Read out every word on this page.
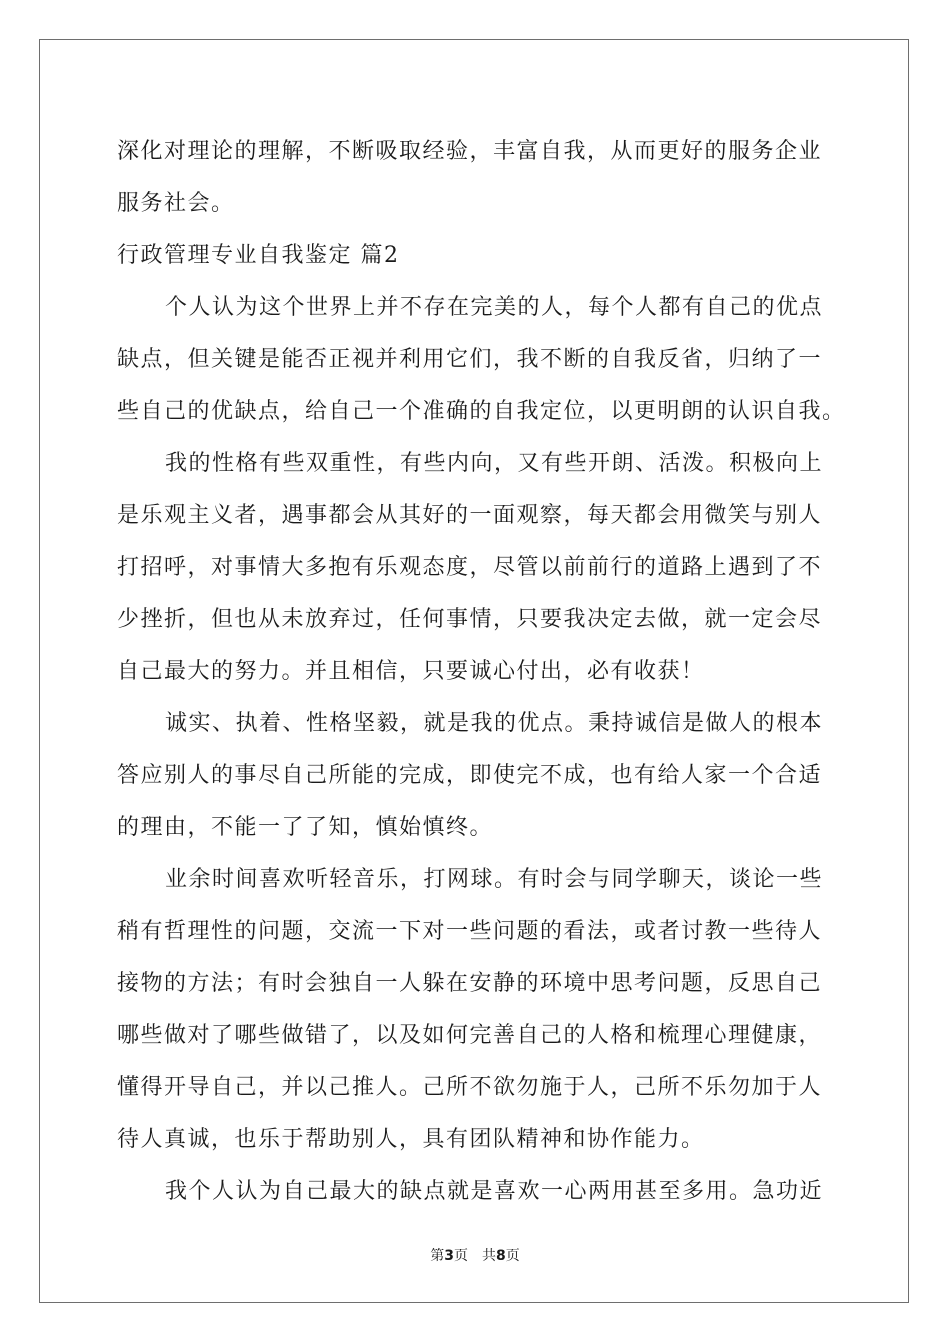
深化对理论的理解，不断吸取经验，丰富自我，从而更好的服务企业
服务社会。
行政管理专业自我鉴定 篇2
个人认为这个世界上并不存在完美的人，每个人都有自己的优点
缺点，但关键是能否正视并利用它们，我不断的自我反省，归纳了一
些自己的优缺点，给自己一个准确的自我定位，以更明朗的认识自我。
我的性格有些双重性，有些内向，又有些开朗、活泼。积极向上
是乐观主义者，遇事都会从其好的一面观察，每天都会用微笑与别人
打招呼，对事情大多抱有乐观态度，尽管以前前行的道路上遇到了不
少挫折，但也从未放弃过，任何事情，只要我决定去做，就一定会尽
自己最大的努力。并且相信，只要诚心付出，必有收获！
诚实、执着、性格坚毅，就是我的优点。秉持诚信是做人的根本
答应别人的事尽自己所能的完成，即使完不成，也有给人家一个合适
的理由，不能一了了知，慎始慎终。
业余时间喜欢听轻音乐，打网球。有时会与同学聊天，谈论一些
稍有哲理性的问题，交流一下对一些问题的看法，或者讨教一些待人
接物的方法；有时会独自一人躲在安静的环境中思考问题，反思自己
哪些做对了哪些做错了，以及如何完善自己的人格和梳理心理健康，
懂得开导自己，并以己推人。己所不欲勿施于人，己所不乐勿加于人
待人真诚，也乐于帮助别人，具有团队精神和协作能力。
我个人认为自己最大的缺点就是喜欢一心两用甚至多用。急功近
第3页 共8页
